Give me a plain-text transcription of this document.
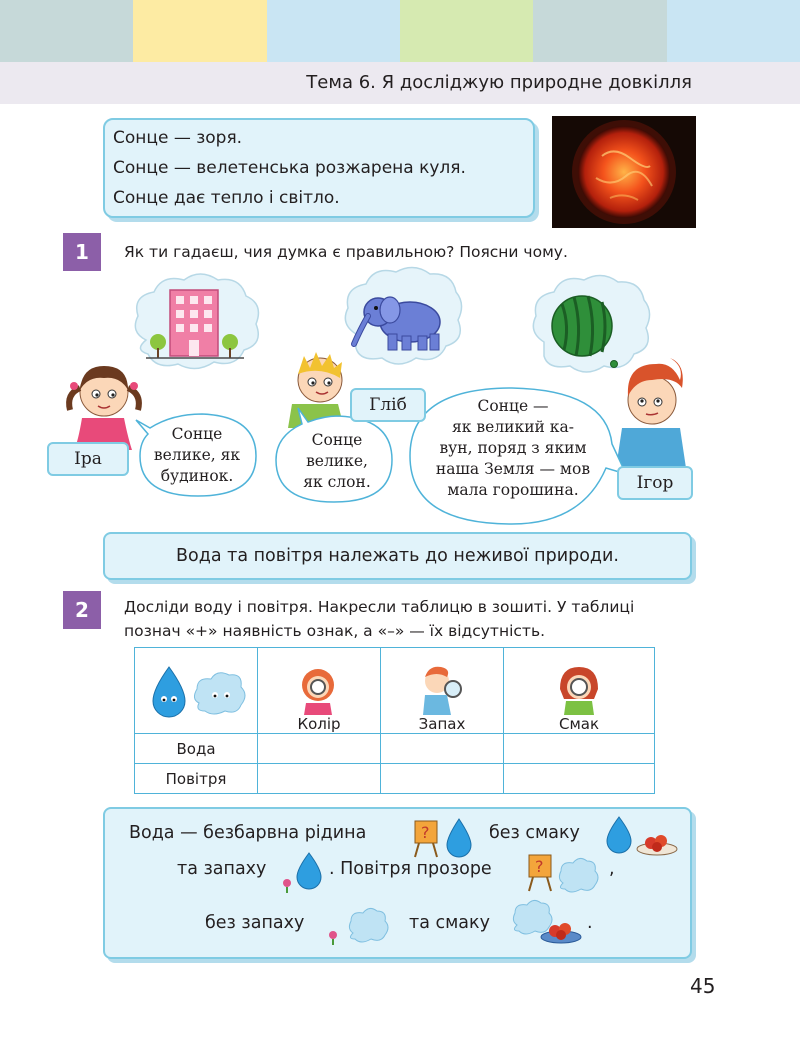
Тема 6. Я досліджую природне довкілля
Сонце — зоря.
Сонце — велетенська розжарена куля.
Сонце дає тепло і світло.
1	Як ти гадаєш, чия думка є правильною? Поясни чому.
Сонце
велике, як
будинок.
Сонце
велике,
як слон.
Сонце —
як великий ка-
вун, поряд з яким
наша Земля — мов
мала горошина.
Іра
Гліб
Ігор
Вода та повітря належать до неживої природи.
2	Досліди воду і повітря. Накресли таблицю в зошиті. У таблиці
познач «+» наявність ознак, а «–» — їх відсутність.

Колір	Запах	Смак

Вода			
Повітря			
Вода — безбарвна рідина	?	без смаку
та запаху	. Повітря прозоре	?	,
без запаху	та смаку	.
45
